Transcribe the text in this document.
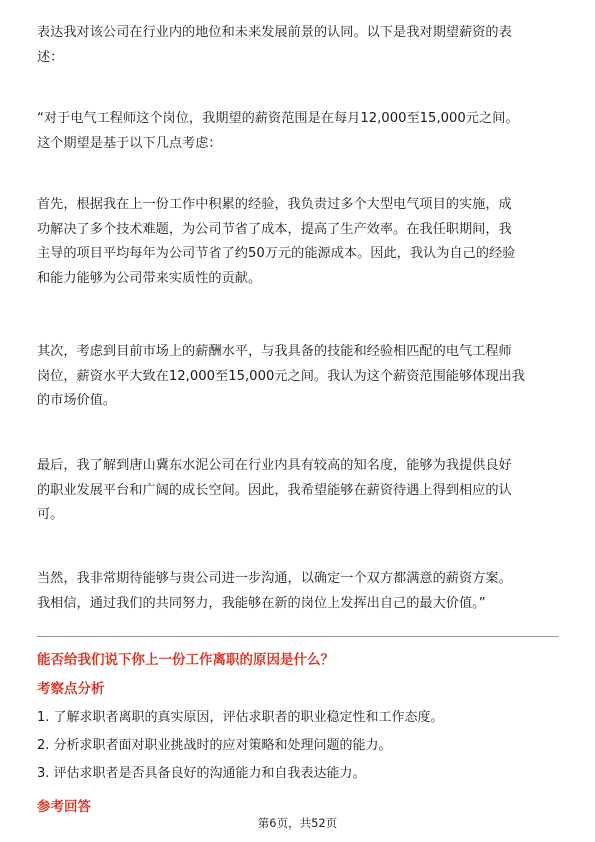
表达我对该公司在行业内的地位和未来发展前景的认同。以下是我对期望薪资的表
述：
“对于电气工程师这个岗位，我期望的薪资范围是在每月12,000至15,000元之间。
这个期望是基于以下几点考虑：
首先，根据我在上一份工作中积累的经验，我负责过多个大型电气项目的实施，成
功解决了多个技术难题，为公司节省了成本，提高了生产效率。在我任职期间，我
主导的项目平均每年为公司节省了约50万元的能源成本。因此，我认为自己的经验
和能力能够为公司带来实质性的贡献。
其次，考虑到目前市场上的薪酬水平，与我具备的技能和经验相匹配的电气工程师
岗位，薪资水平大致在12,000至15,000元之间。我认为这个薪资范围能够体现出我
的市场价值。
最后，我了解到唐山冀东水泥公司在行业内具有较高的知名度，能够为我提供良好
的职业发展平台和广阔的成长空间。因此，我希望能够在薪资待遇上得到相应的认
可。
当然，我非常期待能够与贵公司进一步沟通，以确定一个双方都满意的薪资方案。
我相信，通过我们的共同努力，我能够在新的岗位上发挥出自己的最大价值。”

能否给我们说下你上一份工作离职的原因是什么？

考察点分析

1. 了解求职者离职的真实原因，评估求职者的职业稳定性和工作态度。

2. 分析求职者面对职业挑战时的应对策略和处理问题的能力。

3. 评估求职者是否具备良好的沟通能力和自我表达能力。

参考回答

第6页，共52页
